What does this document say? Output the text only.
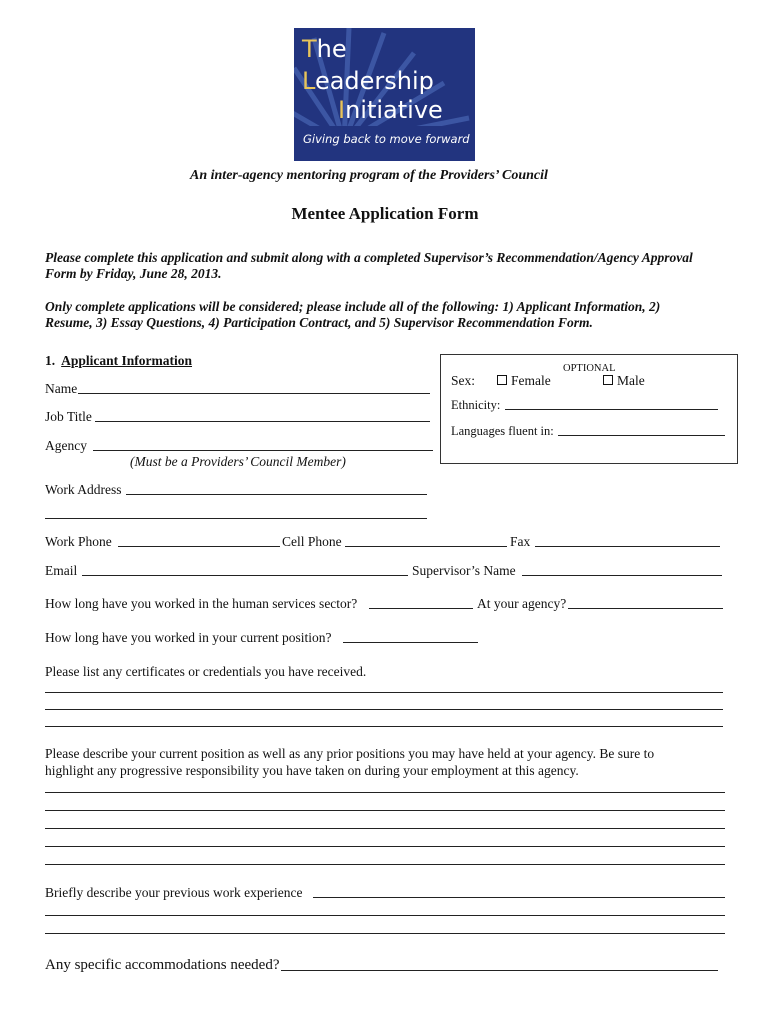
The
Leadership
Initiative
Giving back to move forward
An inter-agency mentoring program of the Providers’ Council
Mentee Application Form
Please complete this application and submit along with a completed Supervisor’s Recommendation/Agency Approval
Form by Friday, June 28, 2013.
Only complete applications will be considered; please include all of the following: 1) Applicant Information, 2)
Resume, 3) Essay Questions, 4) Participation Contract, and 5) Supervisor Recommendation Form.
1. Applicant Information
Name
Job Title
Agency
(Must be a Providers’ Council Member)
Work Address
OPTIONAL
Sex:	Female	Male
Ethnicity:
Languages fluent in:
Work Phone	Cell Phone	Fax
Email	Supervisor’s Name
How long have you worked in the human services sector?	At your agency?
How long have you worked in your current position?
Please list any certificates or credentials you have received.
Please describe your current position as well as any prior positions you may have held at your agency. Be sure to
highlight any progressive responsibility you have taken on during your employment at this agency.
Briefly describe your previous work experience
Any specific accommodations needed?
